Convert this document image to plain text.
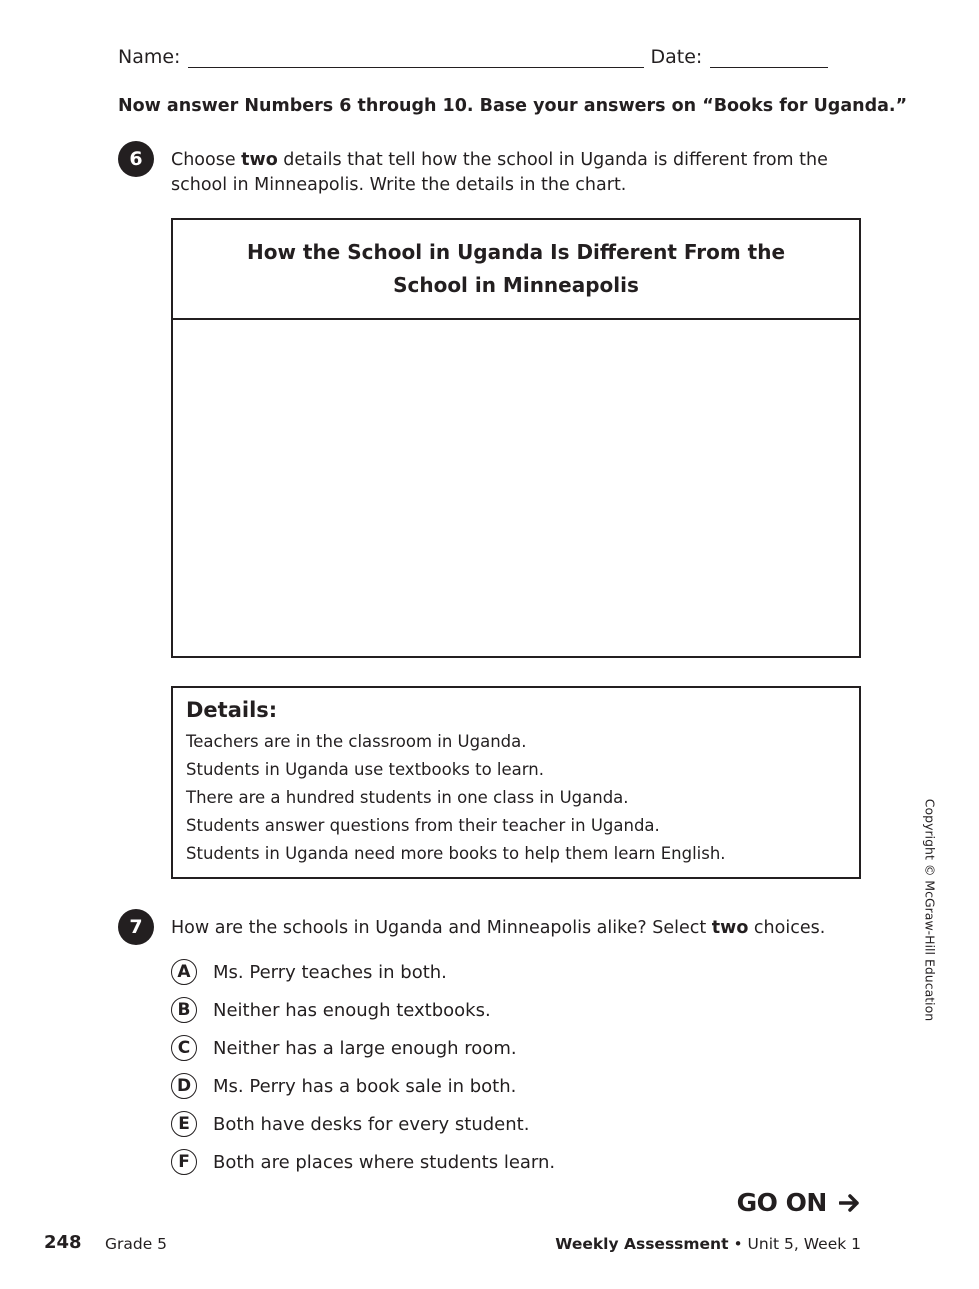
Name:	Date:
Now answer Numbers 6 through 10. Base your answers on “Books for Uganda.”
6	Choose two details that tell how the school in Uganda is different from the
school in Minneapolis. Write the details in the chart.
How the School in Uganda Is Different From the
School in Minneapolis
Details:
Teachers are in the classroom in Uganda.
Students in Uganda use textbooks to learn.
There are a hundred students in one class in Uganda.
Students answer questions from their teacher in Uganda.
Students in Uganda need more books to help them learn English.
7	How are the schools in Uganda and Minneapolis alike? Select two choices.
A	Ms. Perry teaches in both.
B	Neither has enough textbooks.
C	Neither has a large enough room.
D	Ms. Perry has a book sale in both.
E	Both have desks for every student.
F	Both are places where students learn.
GO ON
248 Grade 5	Weekly Assessment • Unit 5, Week 1
Copyright © McGraw-Hill Education
